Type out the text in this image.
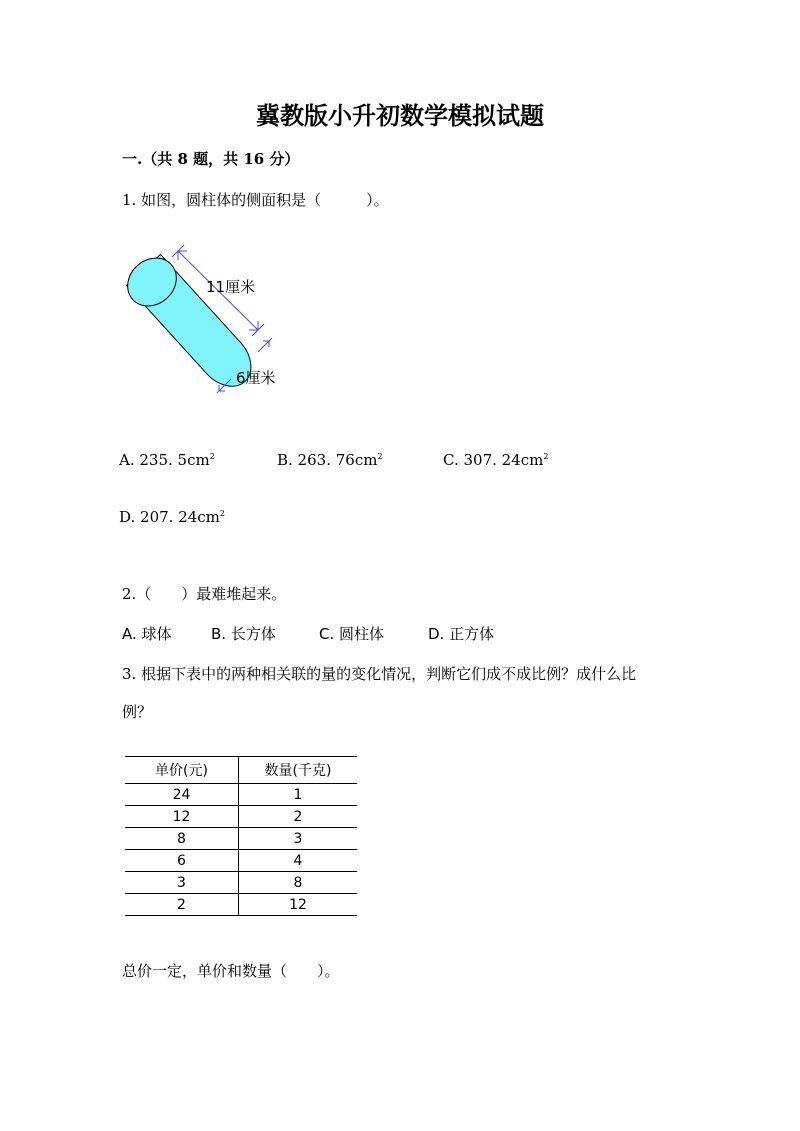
冀教版小升初数学模拟试题
一.（共 8 题，共 16 分）
1. 如图，圆柱体的侧面积是（　　　）。
11厘米
6厘米
A. 235. $5cm^2$	B. 263. $76cm^2$	C. 307. $24cm^2$
D. 207. $24cm^2$
2.（　　）最难堆起来。
A. 球体	B. 长方体	C. 圆柱体	D. 正方体
3. 根据下表中的两种相关联的量的变化情况，判断它们成不成比例？成什么比
例？
单价(元)	数量(千克)
24	1
12	2
8	3
6	4
3	8
2	12
总价一定，单价和数量（　　）。
